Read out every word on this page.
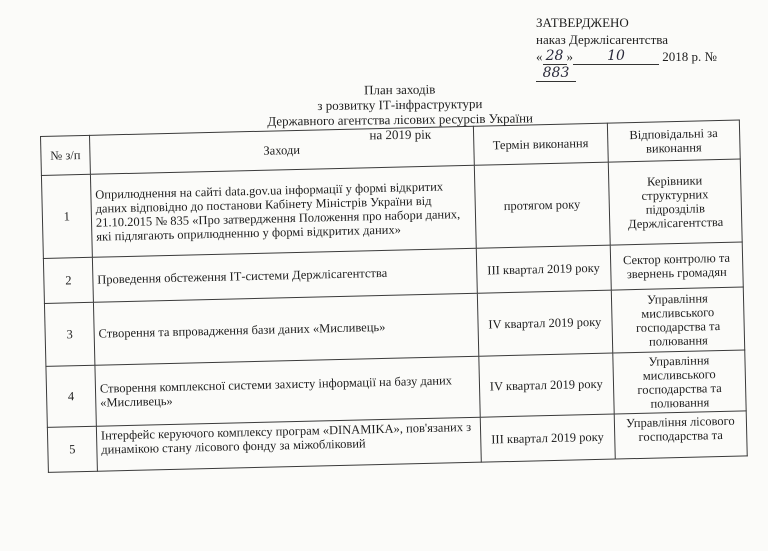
ЗАТВЕРДЖЕНО
наказ Держлісагентства
« 28 » 10	2018 р. № 883
План заходів
з розвитку ІТ-інфраструктури
Державного агентства лісових ресурсів України
на 2019 рік
№ з/п	Заходи	Термін виконання	Відповідальні за виконання
1	Оприлюднення на сайті data.gov.ua інформації у формі відкритих даних відповідно до постанови Кабінету Міністрів України від 21.10.2015 № 835 «Про затвердження Положення про набори даних, які підлягають оприлюдненню у формі відкритих даних»	протягом року	Керівники структурних підрозділів Держлісагентства
2	Проведення обстеження ІТ-системи Держлісагентства	ІІІ квартал 2019 року	Сектор контролю та звернень громадян
3	Створення та впровадження бази даних «Мисливець»	ІV квартал 2019 року	Управління мисливського господарства та полювання
4	Створення комплексної системи захисту інформації на базу даних «Мисливець»	ІV квартал 2019 року	Управління мисливського господарства та полювання
5	Інтерфейс керуючого комплексу програм «DINAMIKA», пов'язаних з динамікою стану лісового фонду за міжобліковий	ІІІ квартал 2019 року	Управління лісового господарства та
